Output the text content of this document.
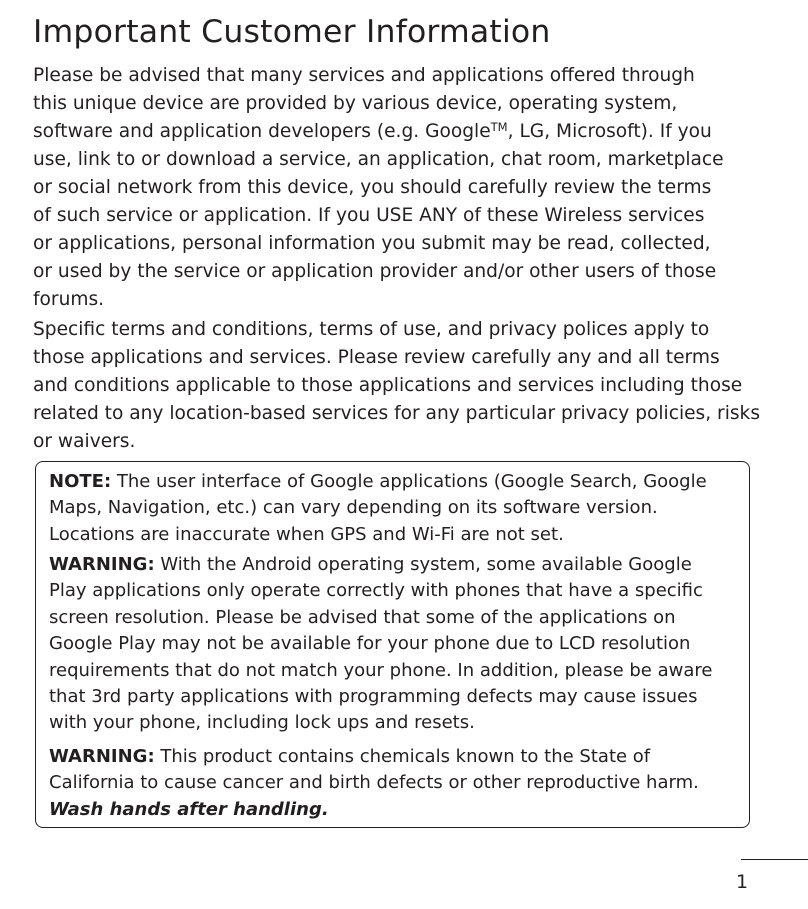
Important Customer Information

Please be advised that many services and applications offered through
this unique device are provided by various device, operating system,
software and application developers (e.g. Google™, LG, Microsoft). If you
use, link to or download a service, an application, chat room, marketplace
or social network from this device, you should carefully review the terms
of such service or application. If you USE ANY of these Wireless services
or applications, personal information you submit may be read, collected,
or used by the service or application provider and/or other users of those
forums.

Specific terms and conditions, terms of use, and privacy polices apply to
those applications and services. Please review carefully any and all terms
and conditions applicable to those applications and services including those
related to any location-based services for any particular privacy policies, risks
or waivers.

NOTE: The user interface of Google applications (Google Search, Google
Maps, Navigation, etc.) can vary depending on its software version.
Locations are inaccurate when GPS and Wi-Fi are not set.

WARNING: With the Android operating system, some available Google
Play applications only operate correctly with phones that have a specific
screen resolution. Please be advised that some of the applications on
Google Play may not be available for your phone due to LCD resolution
requirements that do not match your phone. In addition, please be aware
that 3rd party applications with programming defects may cause issues
with your phone, including lock ups and resets.

WARNING: This product contains chemicals known to the State of
California to cause cancer and birth defects or other reproductive harm.
Wash hands after handling.

1
